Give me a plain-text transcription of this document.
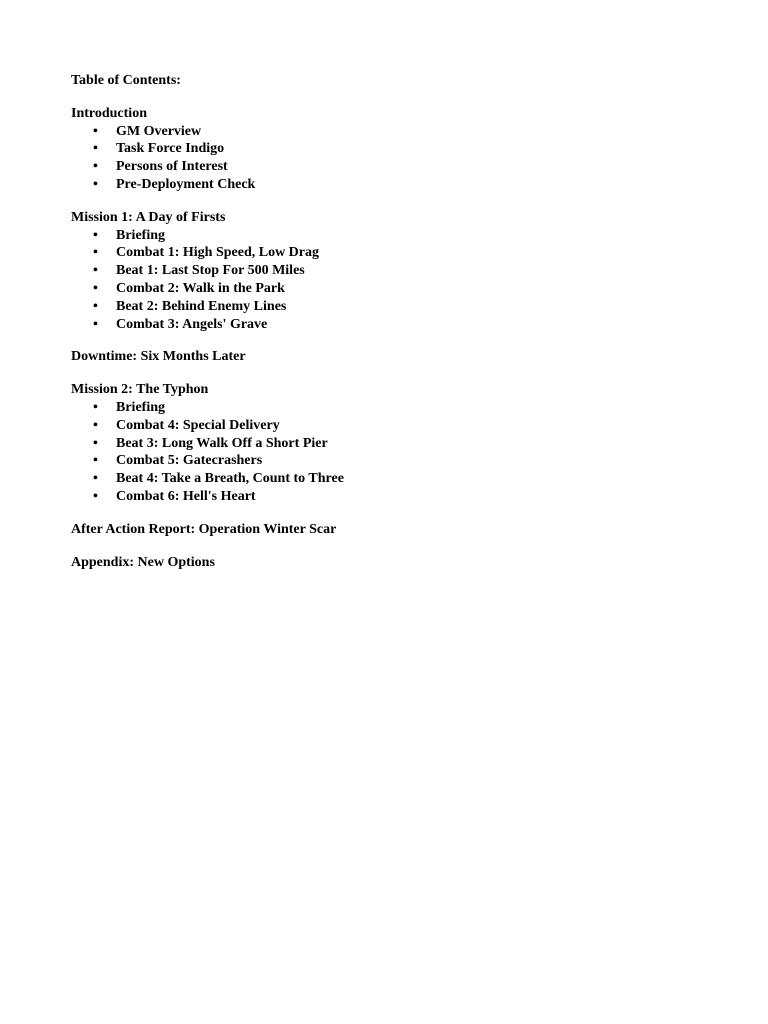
Table of Contents:
Introduction
• GM Overview
• Task Force Indigo
• Persons of Interest
• Pre-Deployment Check
Mission 1: A Day of Firsts
• Briefing
• Combat 1: High Speed, Low Drag
• Beat 1: Last Stop For 500 Miles
• Combat 2: Walk in the Park
• Beat 2: Behind Enemy Lines
• Combat 3: Angels' Grave
Downtime: Six Months Later
Mission 2: The Typhon
• Briefing
• Combat 4: Special Delivery
• Beat 3: Long Walk Off a Short Pier
• Combat 5: Gatecrashers
• Beat 4: Take a Breath, Count to Three
• Combat 6: Hell's Heart
After Action Report: Operation Winter Scar
Appendix: New Options
